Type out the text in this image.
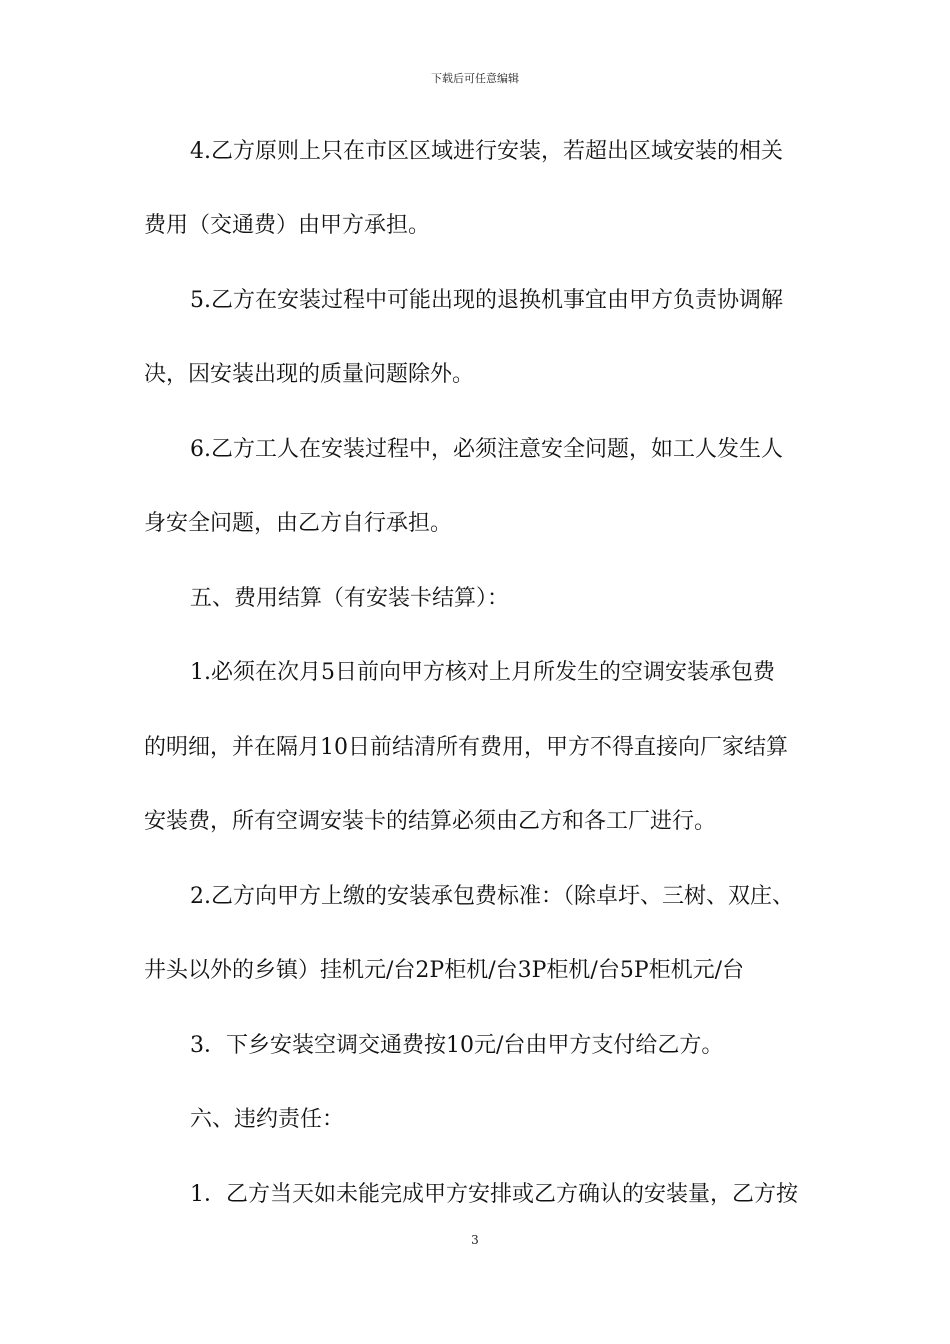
下载后可任意编辑
4.乙方原则上只在市区区域进行安装，若超出区域安装的相关
费用（交通费）由甲方承担。
5.乙方在安装过程中可能出现的退换机事宜由甲方负责协调解
决，因安装出现的质量问题除外。
6.乙方工人在安装过程中，必须注意安全问题，如工人发生人
身安全问题，由乙方自行承担。
五、费用结算（有安装卡结算）：
1.必须在次月5日前向甲方核对上月所发生的空调安装承包费
的明细，并在隔月10日前结清所有费用，甲方不得直接向厂家结算
安装费，所有空调安装卡的结算必须由乙方和各工厂进行。
2.乙方向甲方上缴的安装承包费标准：（除卓圩、三树、双庄、
井头以外的乡镇）挂机元/台2P柜机/台3P柜机/台5P柜机元/台
3．下乡安装空调交通费按10元/台由甲方支付给乙方。
六、违约责任：
1．乙方当天如未能完成甲方安排或乙方确认的安装量，乙方按
3
